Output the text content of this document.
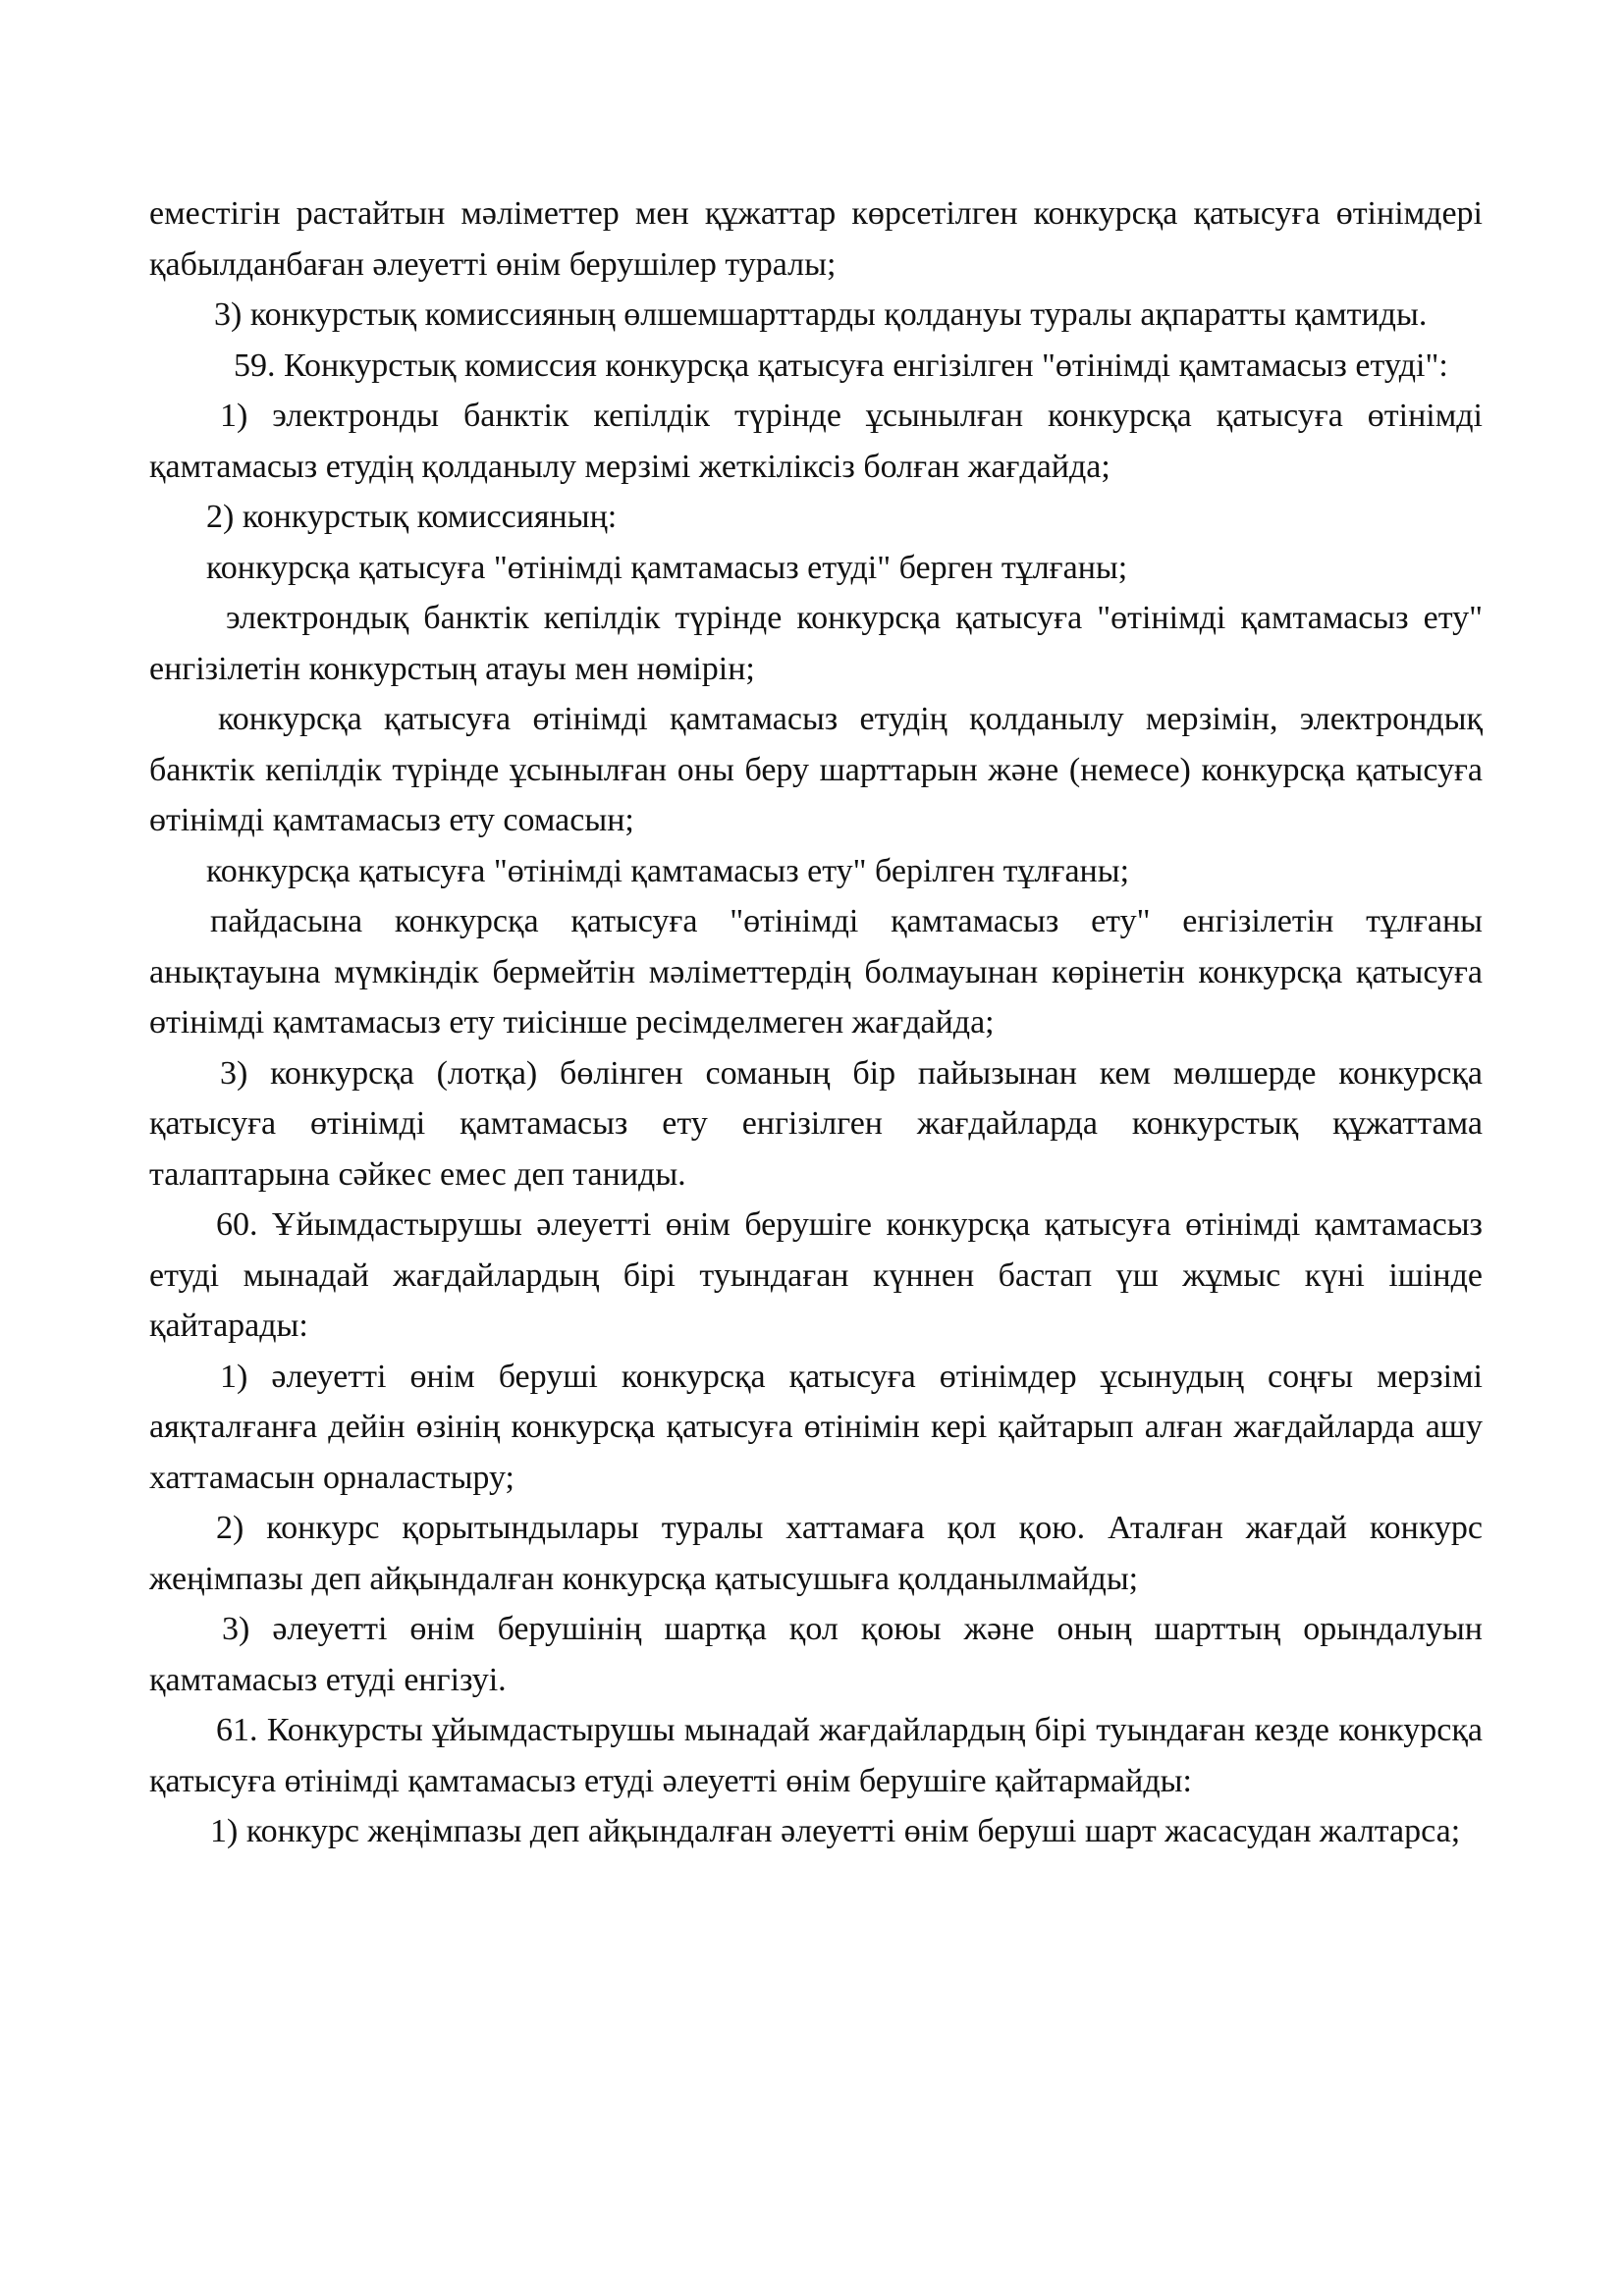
еместігін растайтын мәліметтер мен құжаттар көрсетілген конкурсқа қатысуға өтінімдері қабылданбаған әлеуетті өнім берушілер туралы;

3) конкурстық комиссияның өлшемшарттарды қолдануы туралы ақпаратты қамтиды.

59. Конкурстық комиссия конкурсқа қатысуға енгізілген "өтінімді қамтамасыз етуді":

1) электронды банктік кепілдік түрінде ұсынылған конкурсқа қатысуға өтінімді қамтамасыз етудің қолданылу мерзімі жеткіліксіз болған жағдайда;

2) конкурстық комиссияның:

конкурсқа қатысуға "өтінімді қамтамасыз етуді" берген тұлғаны;

электрондық банктік кепілдік түрінде конкурсқа қатысуға "өтінімді қамтамасыз ету" енгізілетін конкурстың атауы мен нөмірін;

конкурсқа қатысуға өтінімді қамтамасыз етудің қолданылу мерзімін, электрондық банктік кепілдік түрінде ұсынылған оны беру шарттарын және (немесе) конкурсқа қатысуға өтінімді қамтамасыз ету сомасын;

конкурсқа қатысуға "өтінімді қамтамасыз ету" берілген тұлғаны;

пайдасына конкурсқа қатысуға "өтінімді қамтамасыз ету" енгізілетін тұлғаны анықтауына мүмкіндік бермейтін мәліметтердің болмауынан көрінетін конкурсқа қатысуға өтінімді қамтамасыз ету тиісінше ресімделмеген жағдайда;

3) конкурсқа (лотқа) бөлінген соманың бір пайызынан кем мөлшерде конкурсқа қатысуға өтінімді қамтамасыз ету енгізілген жағдайларда конкурстық құжаттама талаптарына сәйкес емес деп таниды.

60. Ұйымдастырушы әлеуетті өнім берушіге конкурсқа қатысуға өтінімді қамтамасыз етуді мынадай жағдайлардың бірі туындаған күннен бастап үш жұмыс күні ішінде қайтарады:

1) әлеуетті өнім беруші конкурсқа қатысуға өтінімдер ұсынудың соңғы мерзімі аяқталғанға дейін өзінің конкурсқа қатысуға өтінімін кері қайтарып алған жағдайларда ашу хаттамасын орналастыру;

2) конкурс қорытындылары туралы хаттамаға қол қою. Аталған жағдай конкурс жеңімпазы деп айқындалған конкурсқа қатысушыға қолданылмайды;

3) әлеуетті өнім берушінің шартқа қол қоюы және оның шарттың орындалуын қамтамасыз етуді енгізуі.

61. Конкурсты ұйымдастырушы мынадай жағдайлардың бірі туындаған кезде конкурсқа қатысуға өтінімді қамтамасыз етуді әлеуетті өнім берушіге қайтармайды:

1) конкурс жеңімпазы деп айқындалған әлеуетті өнім беруші шарт жасасудан жалтарса;
